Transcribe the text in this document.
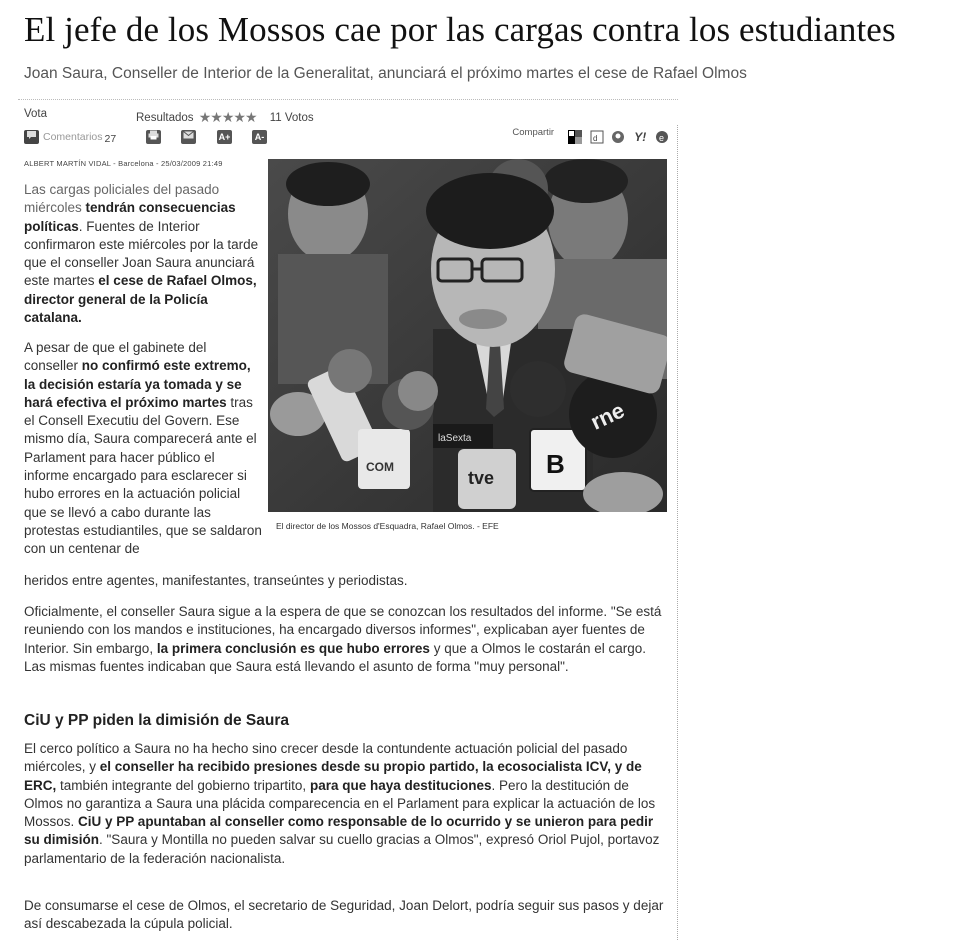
El jefe de los Mossos cae por las cargas contra los estudiantes

Joan Saura, Conseller de Interior de la Generalitat, anunciará el próximo martes el cese de Rafael Olmos

Vota	Resultados ★★★★★ 11 Votos
Comentarios 27	A+	A-	Compartir

d	Y! e
ALBERT MARTÍN VIDAL - Barcelona - 25/03/2009 21:49
COM
laSexta
tve B
rne
El director de los Mossos d'Esquadra, Rafael Olmos. - EFE

Las cargas policiales del pasado miércoles tendrán consecuencias políticas. Fuentes de Interior confirmaron este miércoles por la tarde que el conseller Joan Saura anunciará este martes el cese de Rafael Olmos, director general de la Policía catalana.

A pesar de que el gabinete del conseller no confirmó este extremo, la decisión estaría ya tomada y se hará efectiva el próximo martes tras el Consell Executiu del Govern. Ese mismo día, Saura comparecerá ante el Parlament para hacer público el informe encargado para esclarecer si hubo errores en la actuación policial que se llevó a cabo durante las protestas estudiantiles, que se saldaron con un centenar de

heridos entre agentes, manifestantes, transeúntes y periodistas.

Oficialmente, el conseller Saura sigue a la espera de que se conozcan los resultados del informe. "Se está reuniendo con los mandos e instituciones, ha encargado diversos informes", explicaban ayer fuentes de Interior. Sin embargo, la primera conclusión es que hubo errores y que a Olmos le costarán el cargo. Las mismas fuentes indicaban que Saura está llevando el asunto de forma "muy personal".

CiU y PP piden la dimisión de Saura

El cerco político a Saura no ha hecho sino crecer desde la contundente actuación policial del pasado miércoles, y el conseller ha recibido presiones desde su propio partido, la ecosocialista ICV, y de ERC, también integrante del gobierno tripartito, para que haya destituciones. Pero la destitución de Olmos no garantiza a Saura una plácida comparecencia en el Parlament para explicar la actuación de los Mossos. CiU y PP apuntaban al conseller como responsable de lo ocurrido y se unieron para pedir su dimisión. "Saura y Montilla no pueden salvar su cuello gracias a Olmos", expresó Oriol Pujol, portavoz parlamentario de la federación nacionalista.

De consumarse el cese de Olmos, el secretario de Seguridad, Joan Delort, podría seguir sus pasos y dejar así descabezada la cúpula policial.
